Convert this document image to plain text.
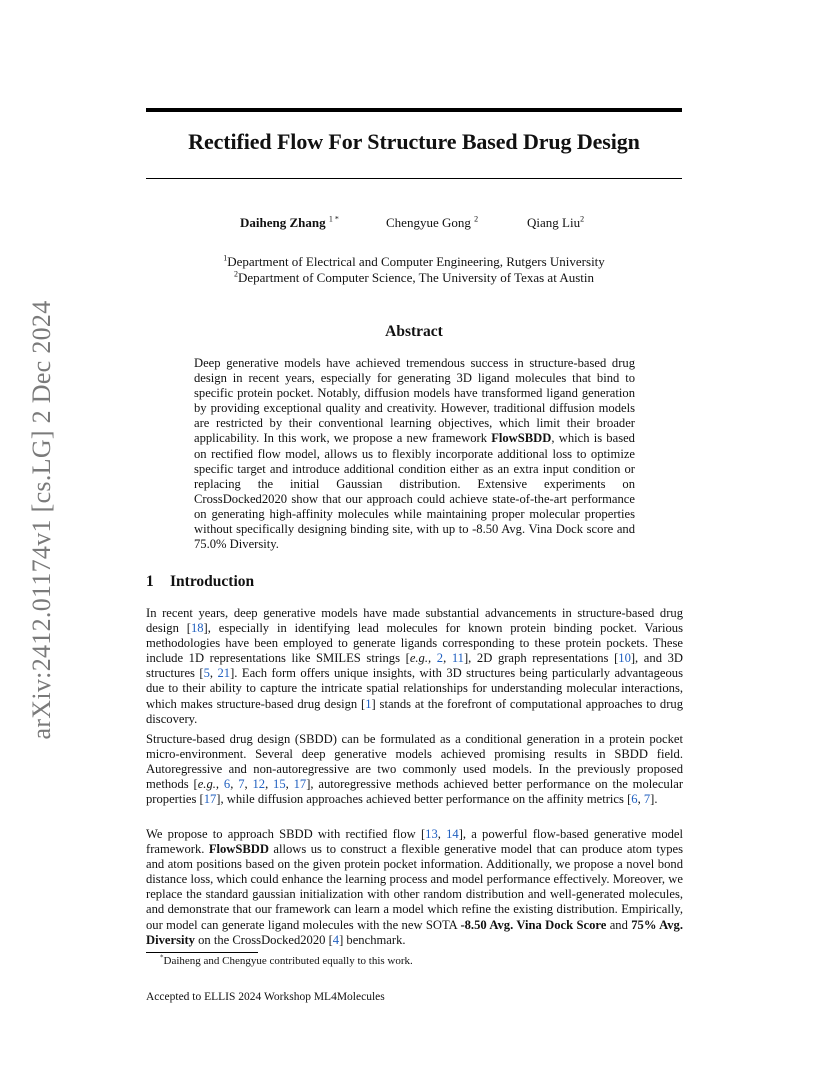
arXiv:2412.01174v1 [cs.LG] 2 Dec 2024
Rectified Flow For Structure Based Drug Design
Daiheng Zhang $^{1 *}$	Chengyue Gong $^2$	Qiang Liu$^2$
$^1$Department of Electrical and Computer Engineering, Rutgers University
$^2$Department of Computer Science, The University of Texas at Austin
Abstract

Deep generative models have achieved tremendous success in structure-based drug design in recent years, especially for generating 3D ligand molecules that bind to specific protein pocket. Notably, diffusion models have transformed ligand generation by providing exceptional quality and creativity. However, traditional diffusion models are restricted by their conventional learning objectives, which limit their broader applicability. In this work, we propose a new framework FlowSBDD, which is based on rectified flow model, allows us to flexibly incorporate additional loss to optimize specific target and introduce additional condition either as an extra input condition or replacing the initial Gaussian distribution. Extensive experiments on CrossDocked2020 show that our approach could achieve state-of-the-art performance on generating high-affinity molecules while maintaining proper molecular properties without specifically designing binding site, with up to -8.50 Avg. Vina Dock score and 75.0% Diversity.

1 Introduction

In recent years, deep generative models have made substantial advancements in structure-based drug design [18], especially in identifying lead molecules for known protein binding pocket. Various methodologies have been employed to generate ligands corresponding to these protein pockets. These include 1D representations like SMILES strings [e.g., 2, 11], 2D graph representations [10], and 3D structures [5, 21]. Each form offers unique insights, with 3D structures being particularly advantageous due to their ability to capture the intricate spatial relationships for understanding molecular interactions, which makes structure-based drug design [1] stands at the forefront of computational approaches to drug discovery.

Structure-based drug design (SBDD) can be formulated as a conditional generation in a protein pocket micro-environment. Several deep generative models achieved promising results in SBDD field. Autoregressive and non-autoregressive are two commonly used models. In the previously proposed methods [e.g., 6, 7, 12, 15, 17], autoregressive methods achieved better performance on the molecular properties [17], while diffusion approaches achieved better performance on the affinity metrics [6, 7].

We propose to approach SBDD with rectified flow [13, 14], a powerful flow-based generative model framework. FlowSBDD allows us to construct a flexible generative model that can produce atom types and atom positions based on the given protein pocket information. Additionally, we propose a novel bond distance loss, which could enhance the learning process and model performance effectively. Moreover, we replace the standard gaussian initialization with other random distribution and well-generated molecules, and demonstrate that our framework can learn a model which refine the existing distribution. Empirically, our model can generate ligand molecules with the new SOTA -8.50 Avg. Vina Dock Score and 75% Avg. Diversity on the CrossDocked2020 [4] benchmark.

*Daiheng and Chengyue contributed equally to this work.
Accepted to ELLIS 2024 Workshop ML4Molecules
